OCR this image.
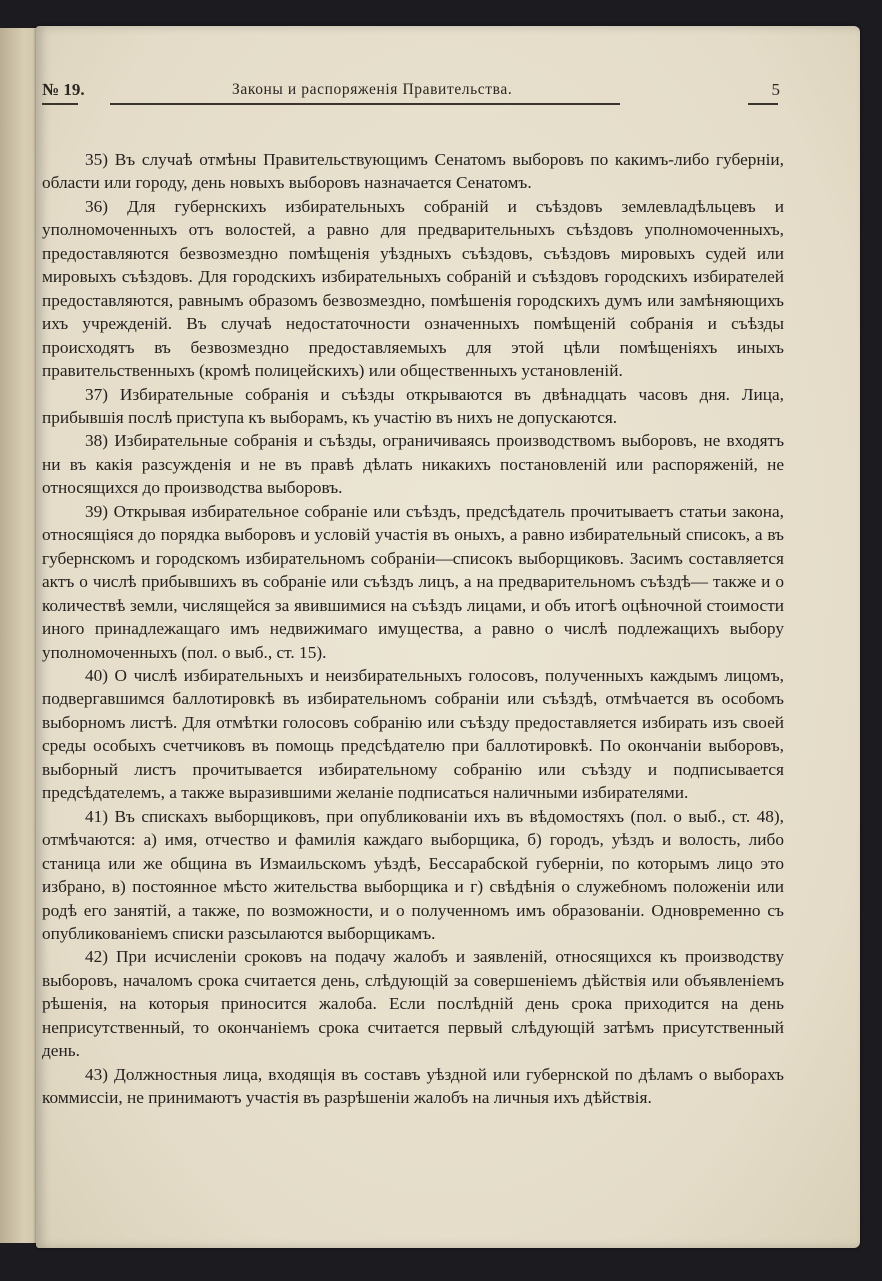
№ 19.	Законы и распоряженія Правительства.	5

35) Въ случаѣ отмѣны Правительствующимъ Сенатомъ выборовъ по какимъ-либо губерніи, области или городу, день новыхъ выборовъ назначается Сенатомъ.

36) Для губернскихъ избирательныхъ собраній и съѣздовъ землевладѣльцевъ и уполномоченныхъ отъ волостей, а равно для предварительныхъ съѣздовъ уполномоченныхъ, предоставляются безвозмездно помѣщенія уѣздныхъ съѣздовъ, съѣздовъ мировыхъ судей или мировыхъ съѣздовъ. Для городскихъ избирательныхъ собраній и съѣздовъ городскихъ избирателей предоставляются, равнымъ образомъ безвозмездно, помѣшенія городскихъ думъ или замѣняющихъ ихъ учрежденій. Въ случаѣ недостаточности означенныхъ помѣщеній собранія и съѣзды происходятъ въ безвозмездно предоставляемыхъ для этой цѣли помѣщеніяхъ иныхъ правительственныхъ (кромѣ полицейскихъ) или общественныхъ установленій.

37) Избирательные собранія и съѣзды открываются въ двѣнадцать часовъ дня. Лица, прибывшія послѣ приступа къ выборамъ, къ участію въ нихъ не допускаются.

38) Избирательные собранія и съѣзды, ограничиваясь производствомъ выборовъ, не входятъ ни въ какія разсужденія и не въ правѣ дѣлать никакихъ постановленій или распоряженій, не относящихся до производства выборовъ.

39) Открывая избирательное собраніе или съѣздъ, предсѣдатель прочитываетъ статьи закона, относящіяся до порядка выборовъ и условій участія въ оныхъ, а равно избирательный списокъ, а въ губернскомъ и городскомъ избирательномъ собраніи—списокъ выборщиковъ. Засимъ составляется актъ о числѣ прибывшихъ въ собраніе или съѣздъ лицъ, а на предварительномъ съѣздѣ— также и о количествѣ земли, числящейся за явившимися на съѣздъ лицами, и объ итогѣ оцѣночной стоимости иного принадлежащаго имъ недвижимаго имущества, а равно о числѣ подлежащихъ выбору уполномоченныхъ (пол. о выб., ст. 15).

40) О числѣ избирательныхъ и неизбирательныхъ голосовъ, полученныхъ каждымъ лицомъ, подвергавшимся баллотировкѣ въ избирательномъ собраніи или съѣздѣ, отмѣчается въ особомъ выборномъ листѣ. Для отмѣтки голосовъ собранію или съѣзду предоставляется избирать изъ своей среды особыхъ счетчиковъ въ помощь предсѣдателю при баллотировкѣ. По окончаніи выборовъ, выборный листъ прочитывается избирательному собранію или съѣзду и подписывается предсѣдателемъ, а также выразившими желаніе подписаться наличными избирателями.

41) Въ спискахъ выборщиковъ, при опубликованіи ихъ въ вѣдомостяхъ (пол. о выб., ст. 48), отмѣчаются: а) имя, отчество и фамилія каждаго выборщика, б) городъ, уѣздъ и волость, либо станица или же община въ Измаильскомъ уѣздѣ, Бессарабской губерніи, по которымъ лицо это избрано, в) постоянное мѣсто жительства выборщика и г) свѣдѣнія о служебномъ положеніи или родѣ его занятій, а также, по возможности, и о полученномъ имъ образованіи. Одновременно съ опубликованіемъ списки разсылаются выборщикамъ.

42) При исчисленіи сроковъ на подачу жалобъ и заявленій, относящихся къ производству выборовъ, началомъ срока считается день, слѣдующій за совершеніемъ дѣйствія или объявленіемъ рѣшенія, на которыя приносится жалоба. Если послѣдній день срока приходится на день неприсутственный, то окончаніемъ срока считается первый слѣдующій затѣмъ присутственный день.

43) Должностныя лица, входящія въ составъ уѣздной или губернской по дѣламъ о выборахъ коммиссіи, не принимаютъ участія въ разрѣшеніи жалобъ на личныя ихъ дѣйствія.
